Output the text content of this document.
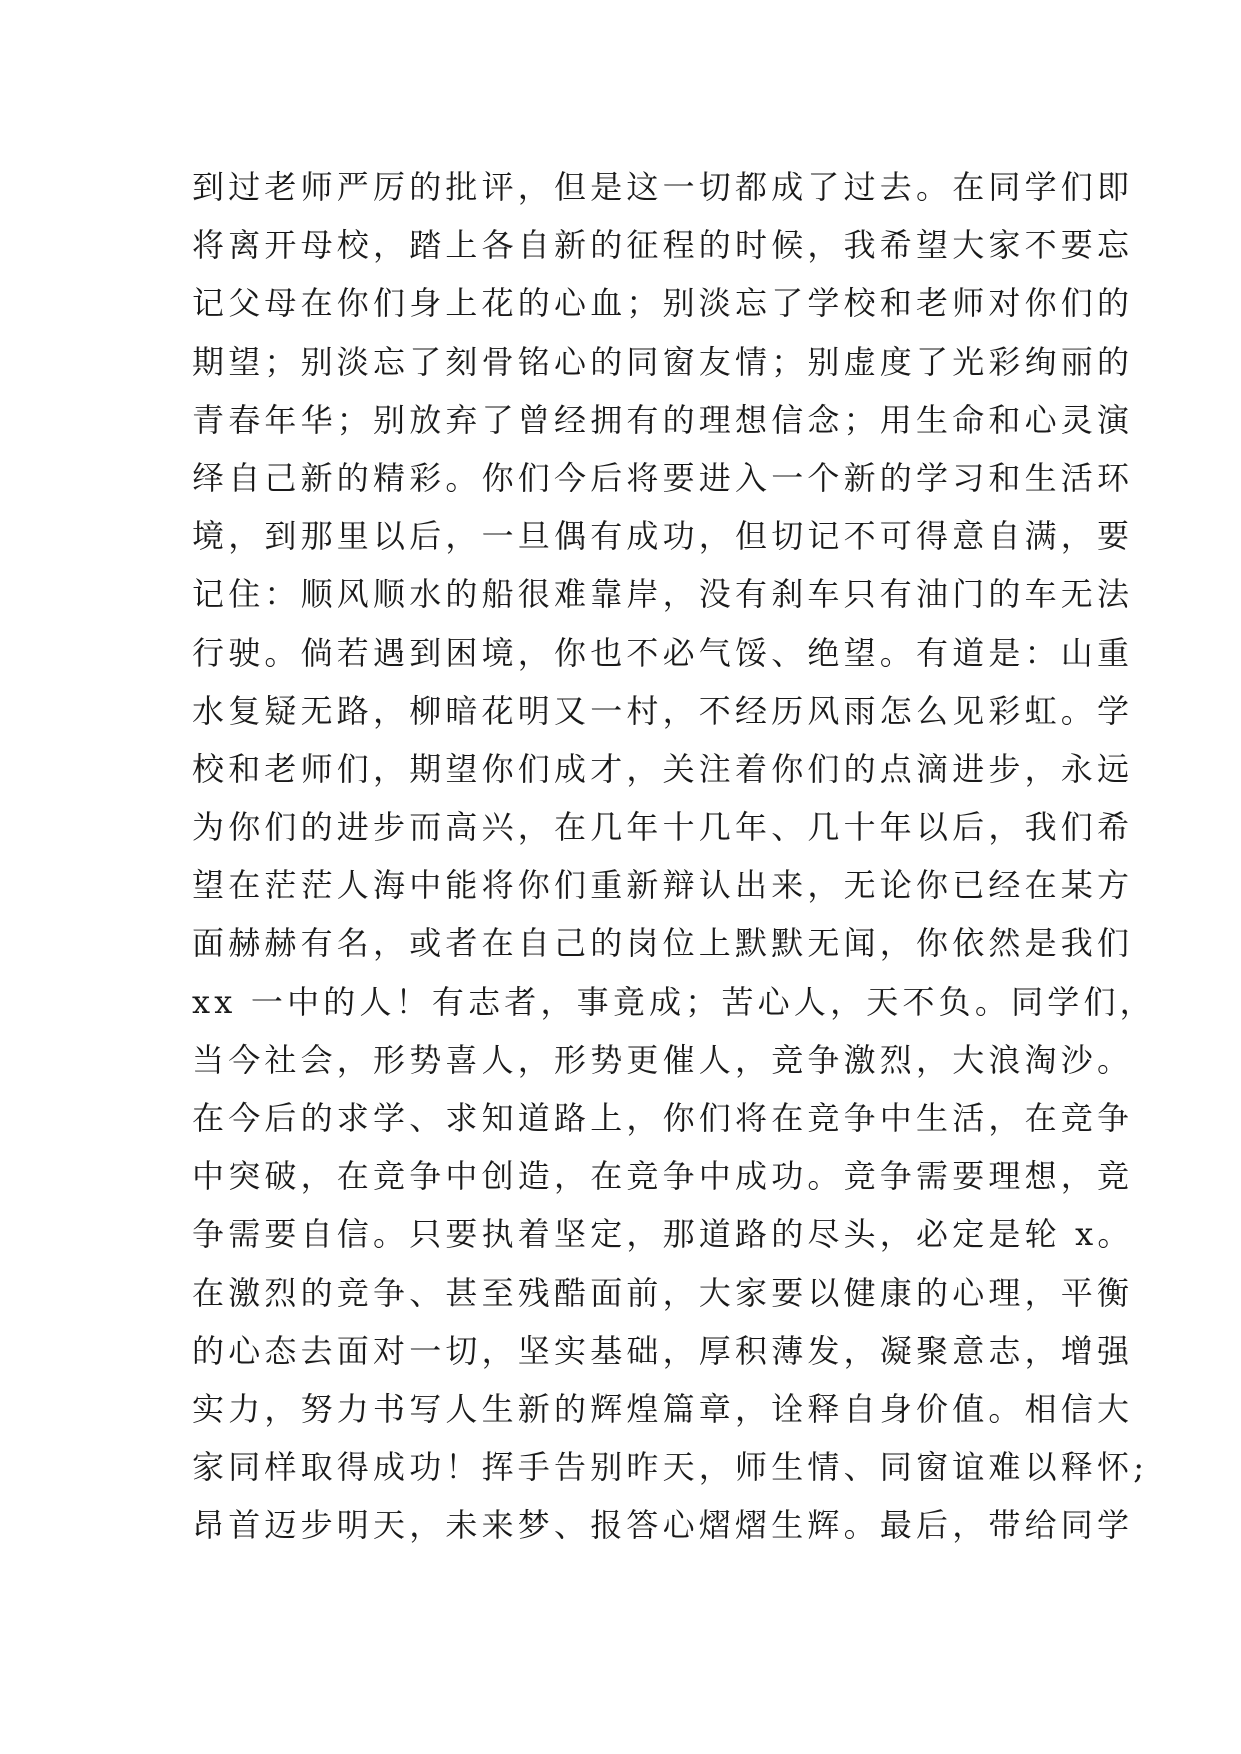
到过老师严厉的批评，但是这一切都成了过去。在同学们即
将离开母校，踏上各自新的征程的时候，我希望大家不要忘
记父母在你们身上花的心血；别淡忘了学校和老师对你们的
期望；别淡忘了刻骨铭心的同窗友情；别虚度了光彩绚丽的
青春年华；别放弃了曾经拥有的理想信念；用生命和心灵演
绎自己新的精彩。你们今后将要进入一个新的学习和生活环
境，到那里以后，一旦偶有成功，但切记不可得意自满，要
记住：顺风顺水的船很难靠岸，没有刹车只有油门的车无法
行驶。倘若遇到困境，你也不必气馁、绝望。有道是：山重
水复疑无路，柳暗花明又一村，不经历风雨怎么见彩虹。学
校和老师们，期望你们成才，关注着你们的点滴进步，永远
为你们的进步而高兴，在几年十几年、几十年以后，我们希
望在茫茫人海中能将你们重新辩认出来，无论你已经在某方
面赫赫有名，或者在自己的岗位上默默无闻，你依然是我们
xx 一中的人！有志者，事竟成；苦心人，天不负。同学们，
当今社会，形势喜人，形势更催人，竞争激烈，大浪淘沙。
在今后的求学、求知道路上，你们将在竞争中生活，在竞争
中突破，在竞争中创造，在竞争中成功。竞争需要理想，竞
争需要自信。只要执着坚定，那道路的尽头，必定是轮 x。
在激烈的竞争、甚至残酷面前，大家要以健康的心理，平衡
的心态去面对一切，坚实基础，厚积薄发，凝聚意志，增强
实力，努力书写人生新的辉煌篇章，诠释自身价值。相信大
家同样取得成功！挥手告别昨天，师生情、同窗谊难以释怀;
昂首迈步明天，未来梦、报答心熠熠生辉。最后，带给同学
